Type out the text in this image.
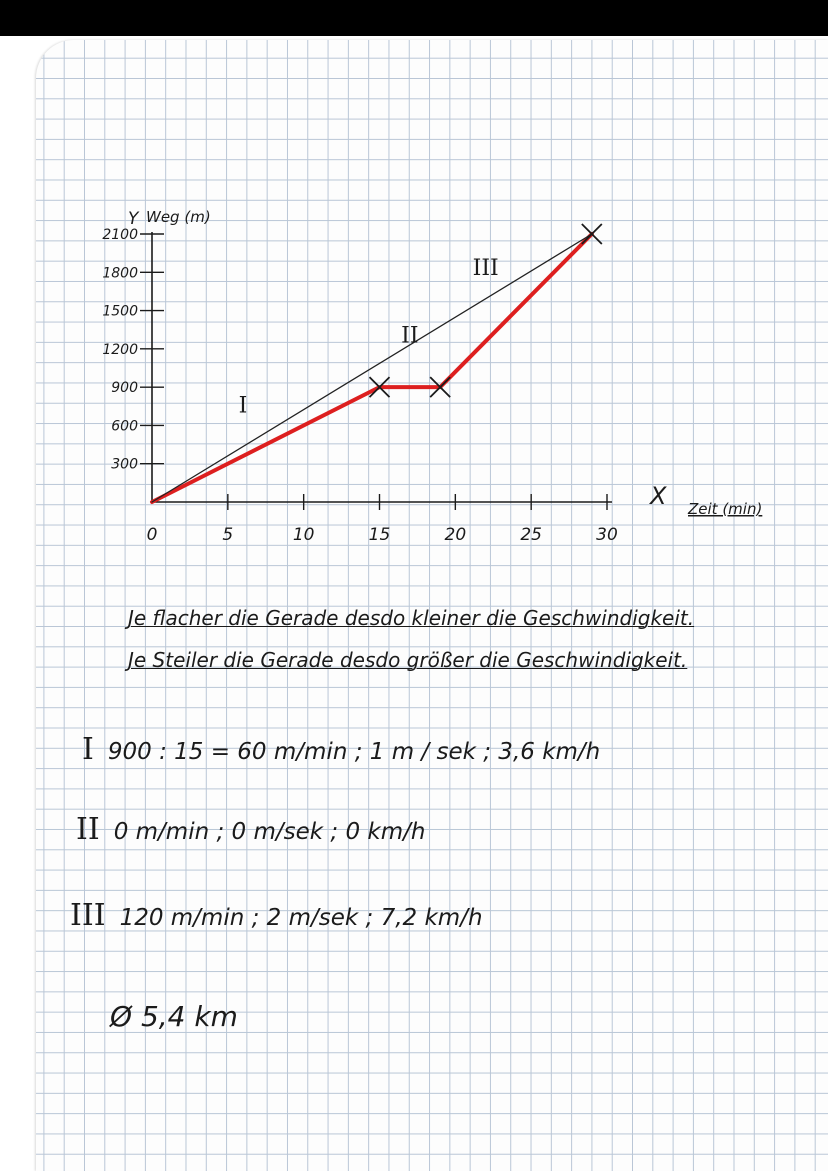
5	10	15	20	25	30
300
600
900
1200
1500
1800
2100
0
I
II
III
Y Weg (m)
X Zeit (min)
Je flacher die Gerade desdo kleiner die Geschwindigkeit.
Je Steiler die Gerade desdo größer die Geschwindigkeit.
I 900 : 15 = 60 m/min ; 1 m / sek ; 3,6 km/h
II 0 m/min ; 0 m/sek ; 0 km/h
III 120 m/min ; 2 m/sek ; 7,2 km/h
Ø 5,4 km
